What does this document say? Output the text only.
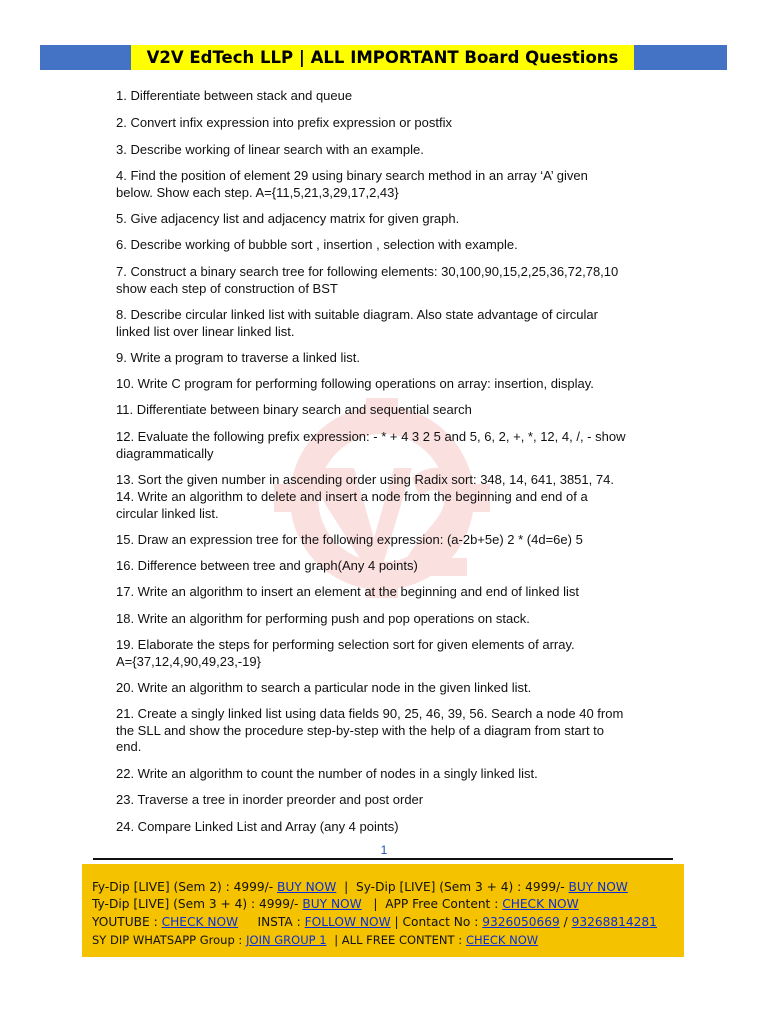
V2V EdTech LLP | ALL IMPORTANT Board Questions
1. Differentiate between stack and queue
2. Convert infix expression into prefix expression or postfix
3. Describe working of linear search with an example.
4. Find the position of element 29 using binary search method in an array ‘A’ given
below. Show each step. A={11,5,21,3,29,17,2,43}
5. Give adjacency list and adjacency matrix for given graph.
6. Describe working of bubble sort , insertion , selection with example.
7. Construct a binary search tree for following elements: 30,100,90,15,2,25,36,72,78,10
show each step of construction of BST
8. Describe circular linked list with suitable diagram. Also state advantage of circular
linked list over linear linked list.
9. Write a program to traverse a linked list.
10. Write C program for performing following operations on array: insertion, display.
11. Differentiate between binary search and sequential search
12. Evaluate the following prefix expression: - * + 4 3 2 5 and 5, 6, 2, +, *, 12, 4, /, - show
diagrammatically
13. Sort the given number in ascending order using Radix sort: 348, 14, 641, 3851, 74.
14. Write an algorithm to delete and insert a node from the beginning and end of a
circular linked list.
15. Draw an expression tree for the following expression: (a-2b+5e) 2 * (4d=6e) 5
16. Difference between tree and graph(Any 4 points)
17. Write an algorithm to insert an element at the beginning and end of linked list
18. Write an algorithm for performing push and pop operations on stack.
19. Elaborate the steps for performing selection sort for given elements of array.
A={37,12,4,90,49,23,-19}
20. Write an algorithm to search a particular node in the given linked list.
21. Create a singly linked list using data fields 90, 25, 46, 39, 56. Search a node 40 from
the SLL and show the procedure step-by-step with the help of a diagram from start to
end.
22. Write an algorithm to count the number of nodes in a singly linked list.
23. Traverse a tree in inorder preorder and post order
24. Compare Linked List and Array (any 4 points)
1
Fy-Dip [LIVE] (Sem 2) : 4999/- BUY NOW | Sy-Dip [LIVE] (Sem 3 + 4) : 4999/- BUY NOW
Ty-Dip [LIVE] (Sem 3 + 4) : 4999/- BUY NOW | APP Free Content : CHECK NOW
YOUTUBE : CHECK NOW INSTA : FOLLOW NOW | Contact No : 9326050669 / 93268814281
SY DIP WHATSAPP Group : JOIN GROUP 1 | ALL FREE CONTENT : CHECK NOW
